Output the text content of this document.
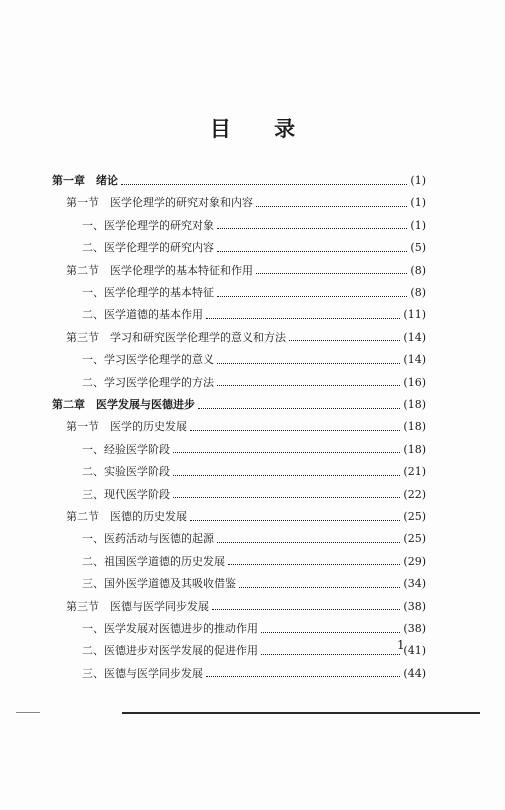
目 录
第一章　绪论	(1)
第一节　医学伦理学的研究对象和内容	(1)
一、医学伦理学的研究对象	(1)
二、医学伦理学的研究内容	(5)
第二节　医学伦理学的基本特征和作用	(8)
一、医学伦理学的基本特征	(8)
二、医学道德的基本作用	(11)
第三节　学习和研究医学伦理学的意义和方法	(14)
一、学习医学伦理学的意义	(14)
二、学习医学伦理学的方法	(16)
第二章　医学发展与医德进步	(18)
第一节　医学的历史发展	(18)
一、经验医学阶段	(18)
二、实验医学阶段	(21)
三、现代医学阶段	(22)
第二节　医德的历史发展	(25)
一、医药活动与医德的起源	(25)
二、祖国医学道德的历史发展	(29)
三、国外医学道德及其吸收借鉴	(34)
第三节　医德与医学同步发展	(38)
一、医学发展对医德进步的推动作用	(38)
二、医德进步对医学发展的促进作用	(41)
三、医德与医学同步发展	(44)
1
